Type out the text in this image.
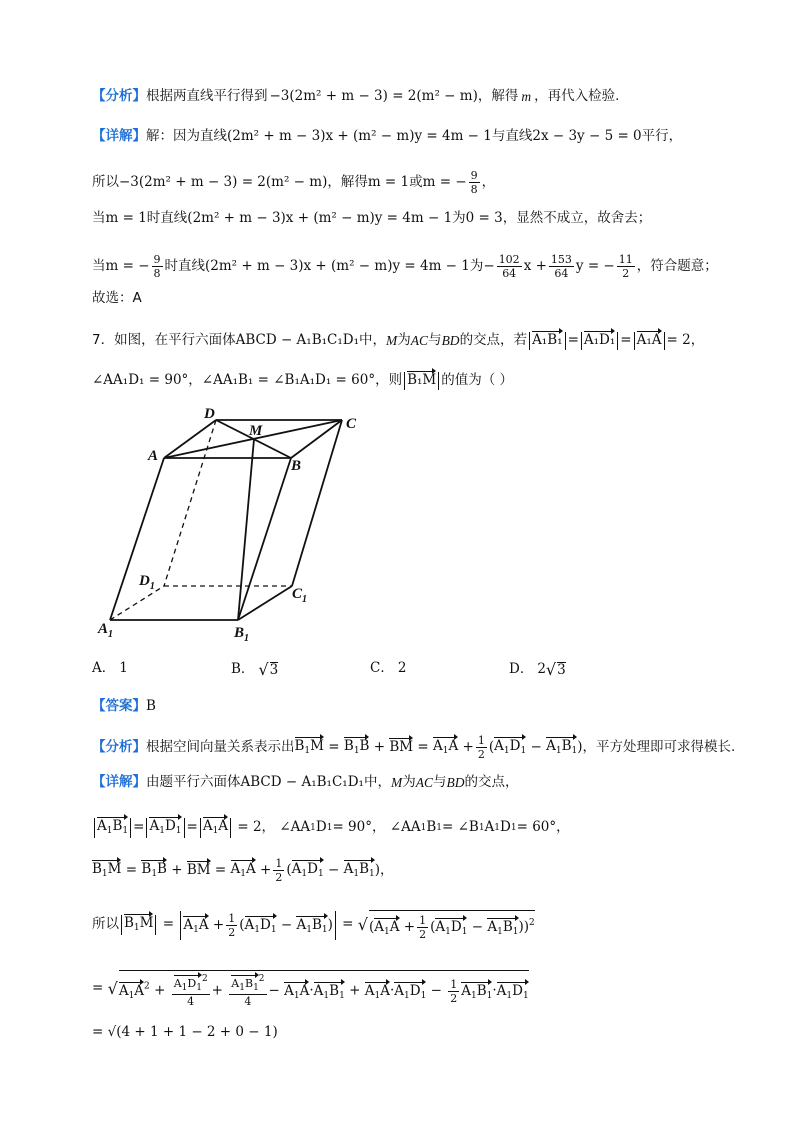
【分析】 根据两直线平行得到 −3(2m² + m − 3) = 2(m² − m) ，解得 m ，再代入检验.
【详解】 解：因为直线 (2m² + m − 3)x + (m² − m)y = 4m − 1 与直线 2x − 3y − 5 = 0 平行，
所以 −3(2m² + m − 3) = 2(m² − m) ，解得 m = 1 或 m = − $\frac{9}{8}$ ，
当 m = 1 时直线 (2m² + m − 3)x + (m² − m)y = 4m − 1 为 0 = 3 ，显然不成立，故舍去；
当 m = − $\frac{9}{8}$ 时直线 (2m² + m − 3)x + (m² − m)y = 4m − 1 为 − $\frac{102}{64}$ $x + \frac{153}{64}$ y = − $\frac{11}{2}$ ，符合题意；
故选：A
7．如图，在平行六面体 ABCD − A₁B₁C₁D₁ 中， M 为 AC 与 BD 的交点，若 A₁B₁ = A₁D₁ = A₁A = 2 ，
∠AA₁D₁ = 90° ， ∠AA₁B₁ = ∠B₁A₁D₁ = 60° ，则 B₁M 的值为（ ）
D
C
M
A
B
$D_1$	$C_1$
$A_1$	$B_1$
A． 1	B． √ 3	C． 2	D． 2 √ 3
【答案】 B
【分析】 根据空间向量关系表示出 $B_1M = B_1B$ + BM = $A_1A + \frac{1}{2}$ ( $A_1D_1 - A_1B_1$ ) ，平方处理即可求得模长.
【详解】 由题平行六面体 ABCD − A₁B₁C₁D₁ 中， M 为 AC 与 BD 的交点，
$A_1B_1 = A_1D_1 = A_1A = 2$， ∠AA 1 D 1 = 90°， ∠AA 1 B 1 = ∠B 1 A 1 D 1 = 60°，
$B_1M = B_1B$ + BM = $A_1A + \frac{1}{2}$ ( $A_1D_1 - A_1B_1$ )，
所以 $B_1M = A_1A + \frac{1}{2} (A_1D_1 - A_1B_1)$ = √ $(A_1A + \frac{1}{2} (A_1D_1 - A_1B_1))^2$
= √ $A_1A^2 + \frac{A_1D_1^2}{4} + \frac{A_1B_1^2}{4} - A_1A\cdot A_1B_1 + A_1A\cdot A_1D_1 - \frac{1}{2} A_1B_1\cdot A_1D_1$
= √(4 + 1 + 1 − 2 + 0 − 1)
